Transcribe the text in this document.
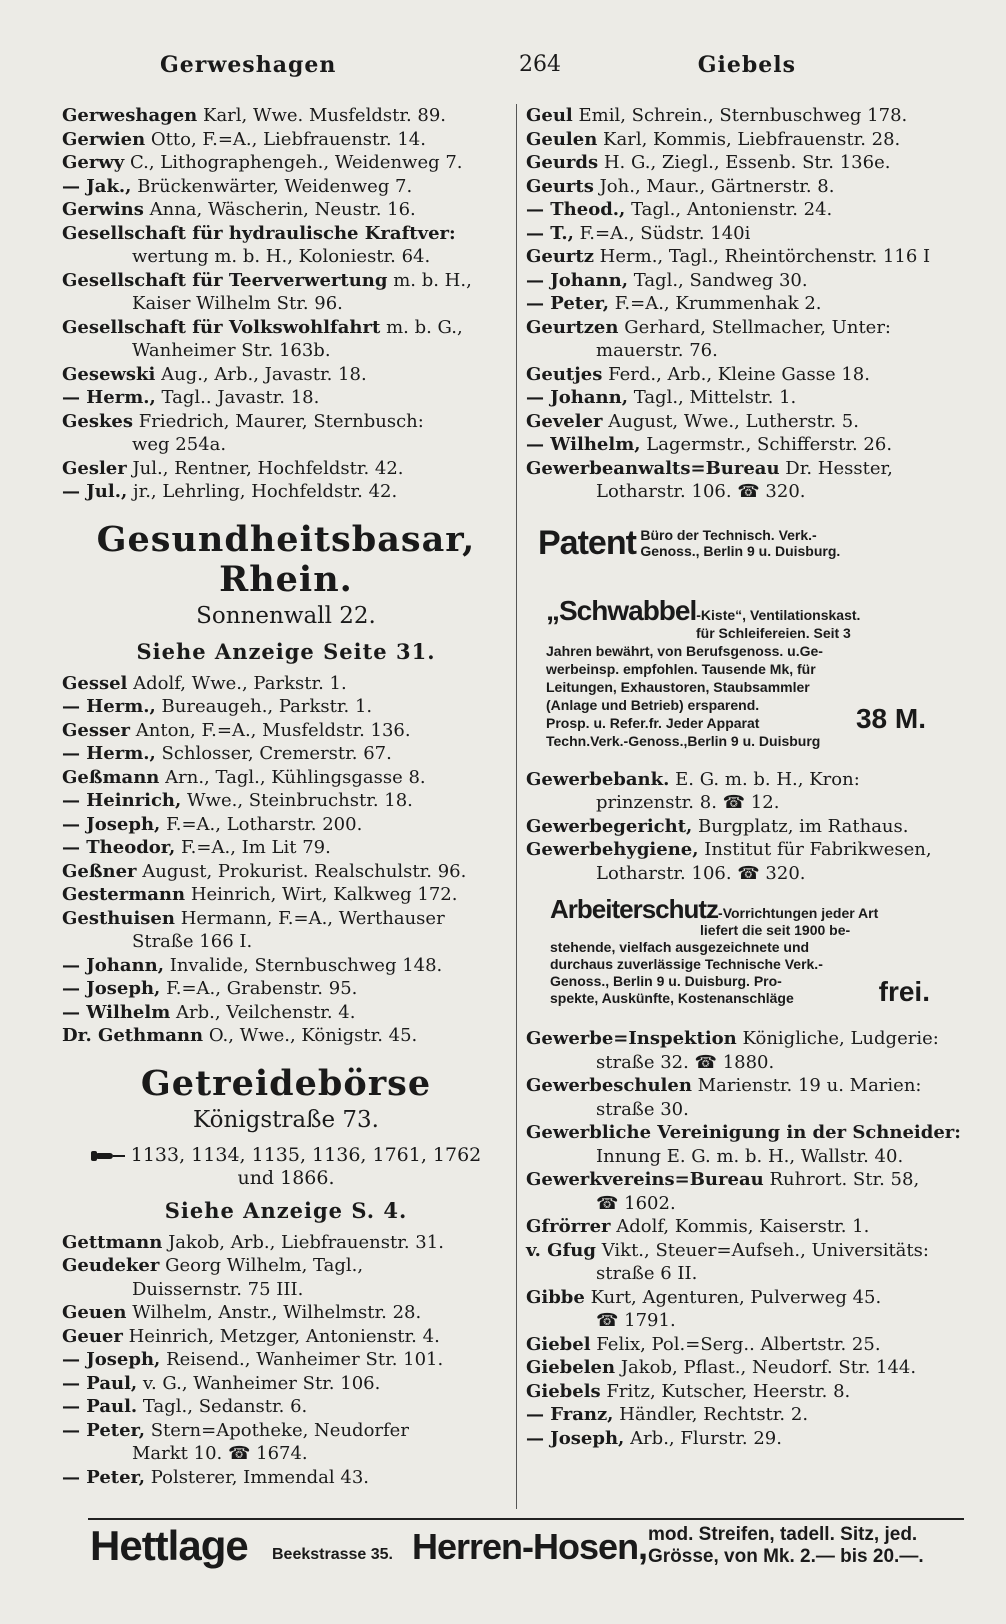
Gerweshagen	264	Giebels
Gerweshagen Karl, Wwe. Musfeldstr. 89.
Gerwien Otto, F.=A., Liebfrauenstr. 14.
Gerwy C., Lithographengeh., Weidenweg 7.
— Jak., Brückenwärter, Weidenweg 7.
Gerwins Anna, Wäscherin, Neustr. 16.
Gesellschaft für hydraulische Kraftver:
wertung m. b. H., Koloniestr. 64.
Gesellschaft für Teerverwertung m. b. H.,
Kaiser Wilhelm Str. 96.
Gesellschaft für Volkswohlfahrt m. b. G.,
Wanheimer Str. 163b.
Gesewski Aug., Arb., Javastr. 18.
— Herm., Tagl.. Javastr. 18.
Geskes Friedrich, Maurer, Sternbusch:
weg 254a.
Gesler Jul., Rentner, Hochfeldstr. 42.
— Jul., jr., Lehrling, Hochfeldstr. 42.
Gesundheitsbasar, Rhein.
Sonnenwall 22.
Siehe Anzeige Seite 31.
Gessel Adolf, Wwe., Parkstr. 1.
— Herm., Bureaugeh., Parkstr. 1.
Gesser Anton, F.=A., Musfeldstr. 136.
— Herm., Schlosser, Cremerstr. 67.
Geßmann Arn., Tagl., Kühlingsgasse 8.
— Heinrich, Wwe., Steinbruchstr. 18.
— Joseph, F.=A., Lotharstr. 200.
— Theodor, F.=A., Im Lit 79.
Geßner August, Prokurist. Realschulstr. 96.
Gestermann Heinrich, Wirt, Kalkweg 172.
Gesthuisen Hermann, F.=A., Werthauser
Straße 166 I.
— Johann, Invalide, Sternbuschweg 148.
— Joseph, F.=A., Grabenstr. 95.
— Wilhelm Arb., Veilchenstr. 4.
Dr. Gethmann O., Wwe., Königstr. 45.
Getreidebörse
Königstraße 73.
1133, 1134, 1135, 1136, 1761, 1762
und 1866.
Siehe Anzeige S. 4.
Gettmann Jakob, Arb., Liebfrauenstr. 31.
Geudeker Georg Wilhelm, Tagl.,
Duissernstr. 75 III.
Geuen Wilhelm, Anstr., Wilhelmstr. 28.
Geuer Heinrich, Metzger, Antonienstr. 4.
— Joseph, Reisend., Wanheimer Str. 101.
— Paul, v. G., Wanheimer Str. 106.
— Paul. Tagl., Sedanstr. 6.
— Peter, Stern=Apotheke, Neudorfer
Markt 10. ☎ 1674.
— Peter, Polsterer, Immendal 43.
Geul Emil, Schrein., Sternbuschweg 178.
Geulen Karl, Kommis, Liebfrauenstr. 28.
Geurds H. G., Ziegl., Essenb. Str. 136e.
Geurts Joh., Maur., Gärtnerstr. 8.
— Theod., Tagl., Antonienstr. 24.
— T., F.=A., Südstr. 140i
Geurtz Herm., Tagl., Rheintörchenstr. 116 I
— Johann, Tagl., Sandweg 30.
— Peter, F.=A., Krummenhak 2.
Geurtzen Gerhard, Stellmacher, Unter:
mauerstr. 76.
Geutjes Ferd., Arb., Kleine Gasse 18.
— Johann, Tagl., Mittelstr. 1.
Geveler August, Wwe., Lutherstr. 5.
— Wilhelm, Lagermstr., Schifferstr. 26.
Gewerbeanwalts=Bureau Dr. Hesster,
Lotharstr. 106. ☎ 320.
Patent Büro der Technisch. Verk.-
Genoss., Berlin 9 u. Duisburg.
„Schwabbel-Kiste“, Ventilationskast.
für Schleifereien. Seit 3
Jahren bewährt, von Berufsgenoss. u.Ge-
werbeinsp. empfohlen. Tausende Mk, für
Leitungen, Exhaustoren, Staubsammler
(Anlage und Betrieb) ersparend.
Prosp. u. Refer.fr. Jeder Apparat
Techn.Verk.-Genoss.,Berlin 9 u. Duisburg
38 M.
Gewerbebank. E. G. m. b. H., Kron:
prinzenstr. 8. ☎ 12.
Gewerbegericht, Burgplatz, im Rathaus.
Gewerbehygiene, Institut für Fabrikwesen,
Lotharstr. 106. ☎ 320.
Arbeiterschutz-Vorrichtungen jeder Art
liefert die seit 1900 be-
stehende, vielfach ausgezeichnete und
durchaus zuverlässige Technische Verk.-
Genoss., Berlin 9 u. Duisburg. Pro-
spekte, Auskünfte, Kostenanschläge	frei.
Gewerbe=Inspektion Königliche, Ludgerie:
straße 32. ☎ 1880.
Gewerbeschulen Marienstr. 19 u. Marien:
straße 30.
Gewerbliche Vereinigung in der Schneider:
Innung E. G. m. b. H., Wallstr. 40.
Gewerkvereins=Bureau Ruhrort. Str. 58,
☎ 1602.
Gfrörrer Adolf, Kommis, Kaiserstr. 1.
v. Gfug Vikt., Steuer=Aufseh., Universitäts:
straße 6 II.
Gibbe Kurt, Agenturen, Pulverweg 45.
☎ 1791.
Giebel Felix, Pol.=Serg.. Albertstr. 25.
Giebelen Jakob, Pflast., Neudorf. Str. 144.
Giebels Fritz, Kutscher, Heerstr. 8.
— Franz, Händler, Rechtstr. 2.
— Joseph, Arb., Flurstr. 29.
Hettlage Beekstrasse 35. Herren-Hosen, mod. Streifen, tadell. Sitz, jed.
Grösse, von Mk. 2.— bis 20.—.
